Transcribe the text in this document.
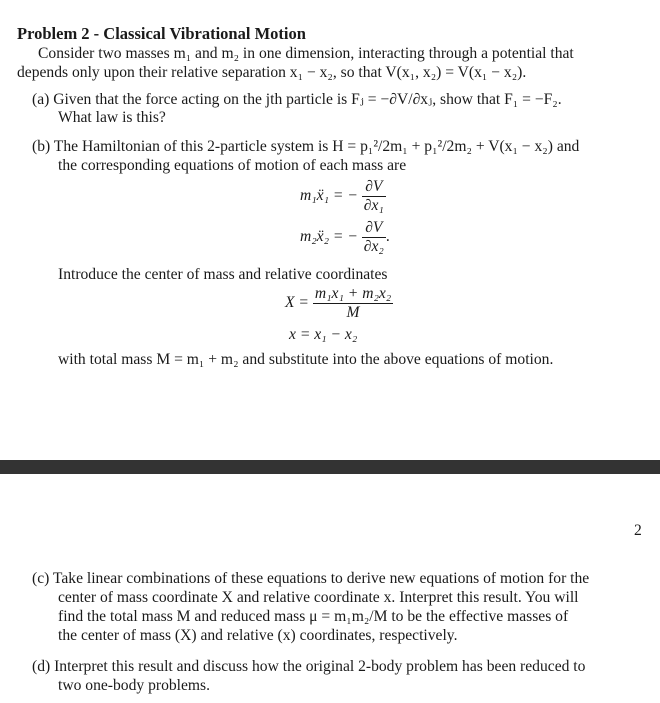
Problem 2 - Classical Vibrational Motion
Consider two masses m₁ and m₂ in one dimension, interacting through a potential that
depends only upon their relative separation x₁ − x₂, so that V(x₁, x₂) = V(x₁ − x₂).
(a) Given that the force acting on the jth particle is Fⱼ = −∂V/∂xⱼ, show that F₁ = −F₂.
What law is this?
(b) The Hamiltonian of this 2-particle system is H = p₁²/2m₁ + p₁²/2m₂ + V(x₁ − x₂) and
the corresponding equations of motion of each mass are
m₁ẍ₁ = − $\frac{\partial V}{\text{∂x₁}}$
m₂ẍ₂ = − $\frac{\partial V}{\text{∂x₂}}$ .
Introduce the center of mass and relative coordinates
$X = \frac{\text{m₁x₁ + m₂x₂}}{M}$
x = x₁ − x₂
with total mass M = m₁ + m₂ and substitute into the above equations of motion.
2
(c) Take linear combinations of these equations to derive new equations of motion for the
center of mass coordinate X and relative coordinate x. Interpret this result. You will
find the total mass M and reduced mass μ = m₁m₂/M to be the effective masses of
the center of mass (X) and relative (x) coordinates, respectively.
(d) Interpret this result and discuss how the original 2-body problem has been reduced to
two one-body problems.
